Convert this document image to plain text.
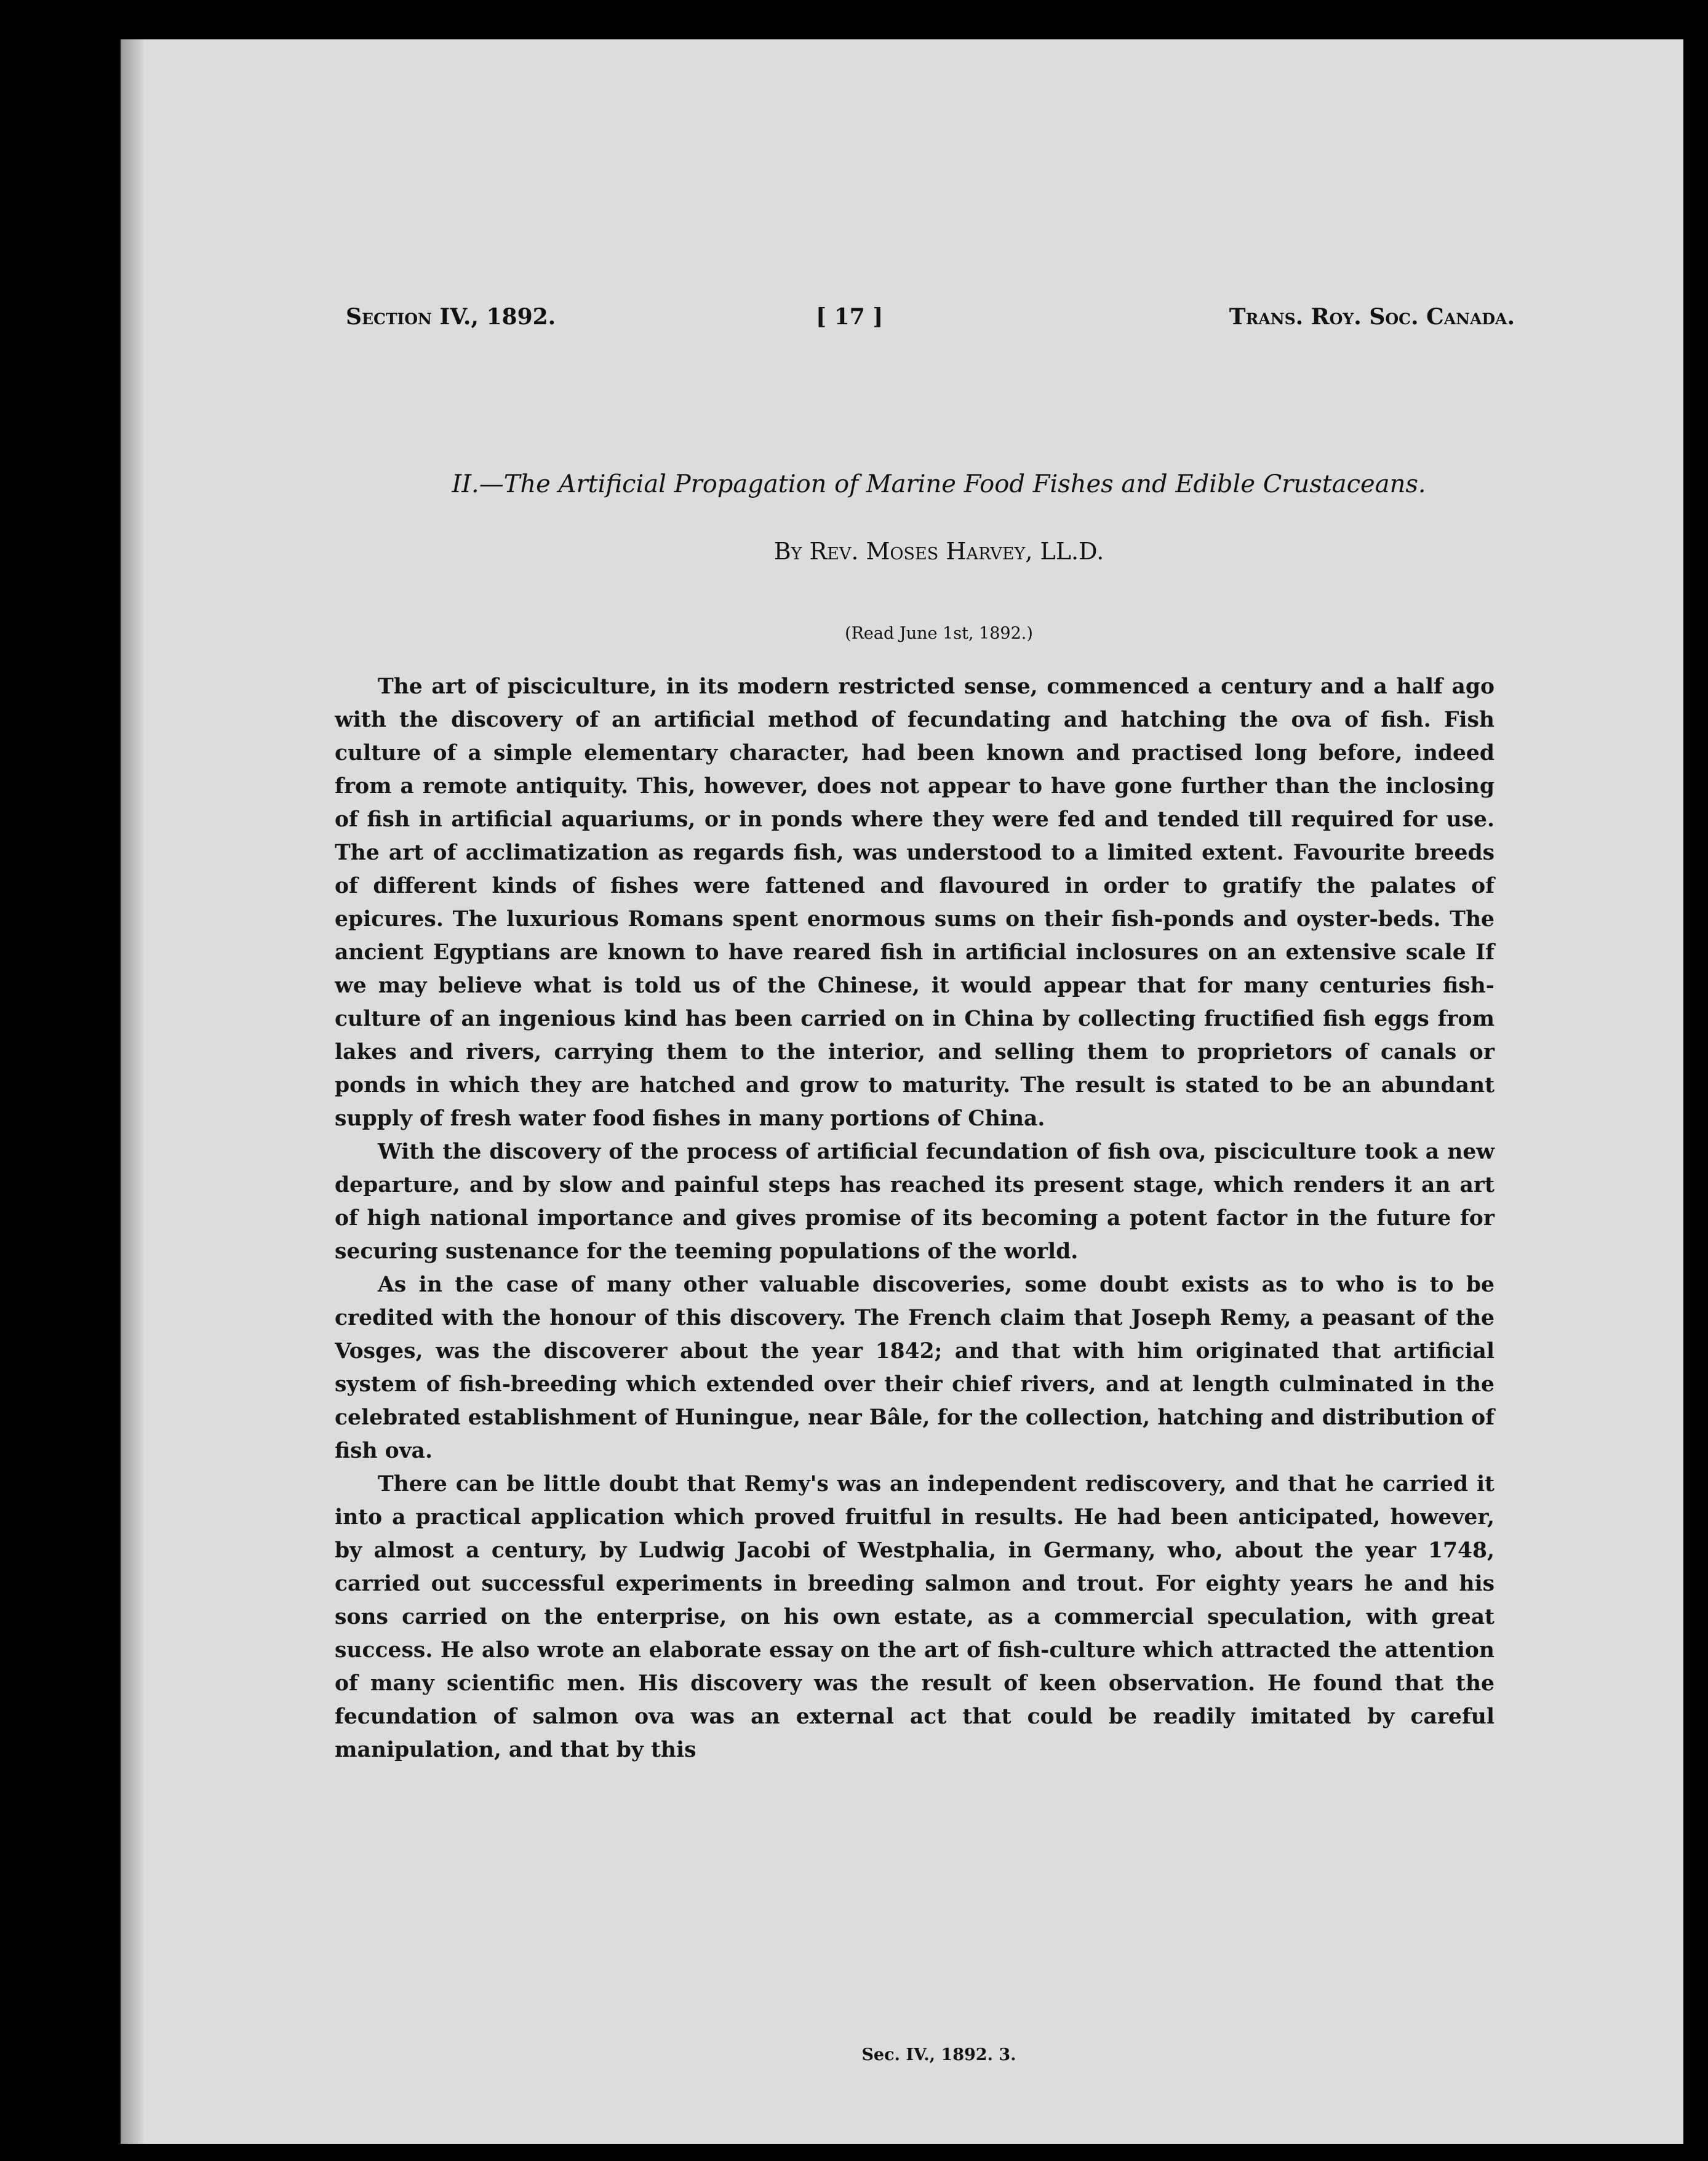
Section IV., 1892.	[ 17 ]	Trans. Roy. Soc. Canada.
II.—The Artificial Propagation of Marine Food Fishes and Edible Crustaceans.
By Rev. Moses Harvey, LL.D.
(Read June 1st, 1892.)

The art of pisciculture, in its modern restricted sense, commenced a century and a half ago with the discovery of an artificial method of fecundating and hatching the ova of fish. Fish culture of a simple elementary character, had been known and practised long before, indeed from a remote antiquity. This, however, does not appear to have gone further than the inclosing of fish in artificial aquariums, or in ponds where they were fed and tended till required for use. The art of acclimatization as regards fish, was understood to a limited extent. Favourite breeds of different kinds of fishes were fattened and flavoured in order to gratify the palates of epicures. The luxurious Romans spent enormous sums on their fish-ponds and oyster-beds. The ancient Egyptians are known to have reared fish in artificial inclosures on an extensive scale If we may believe what is told us of the Chinese, it would appear that for many centuries fish-culture of an ingenious kind has been carried on in China by collecting fructified fish eggs from lakes and rivers, carrying them to the interior, and selling them to proprietors of canals or ponds in which they are hatched and grow to maturity. The result is stated to be an abundant supply of fresh water food fishes in many portions of China.

With the discovery of the process of artificial fecundation of fish ova, pisciculture took a new departure, and by slow and painful steps has reached its present stage, which renders it an art of high national importance and gives promise of its becoming a potent factor in the future for securing sustenance for the teeming populations of the world.

As in the case of many other valuable discoveries, some doubt exists as to who is to be credited with the honour of this discovery. The French claim that Joseph Remy, a peasant of the Vosges, was the discoverer about the year 1842; and that with him originated that artificial system of fish-breeding which extended over their chief rivers, and at length culminated in the celebrated establishment of Huningue, near Bâle, for the collection, hatching and distribution of fish ova.

There can be little doubt that Remy's was an independent rediscovery, and that he carried it into a practical application which proved fruitful in results. He had been anticipated, however, by almost a century, by Ludwig Jacobi of Westphalia, in Germany, who, about the year 1748, carried out successful experiments in breeding salmon and trout. For eighty years he and his sons carried on the enterprise, on his own estate, as a commercial speculation, with great success. He also wrote an elaborate essay on the art of fish-culture which attracted the attention of many scientific men. His discovery was the result of keen observation. He found that the fecundation of salmon ova was an external act that could be readily imitated by careful manipulation, and that by this

Sec. IV., 1892. 3.
